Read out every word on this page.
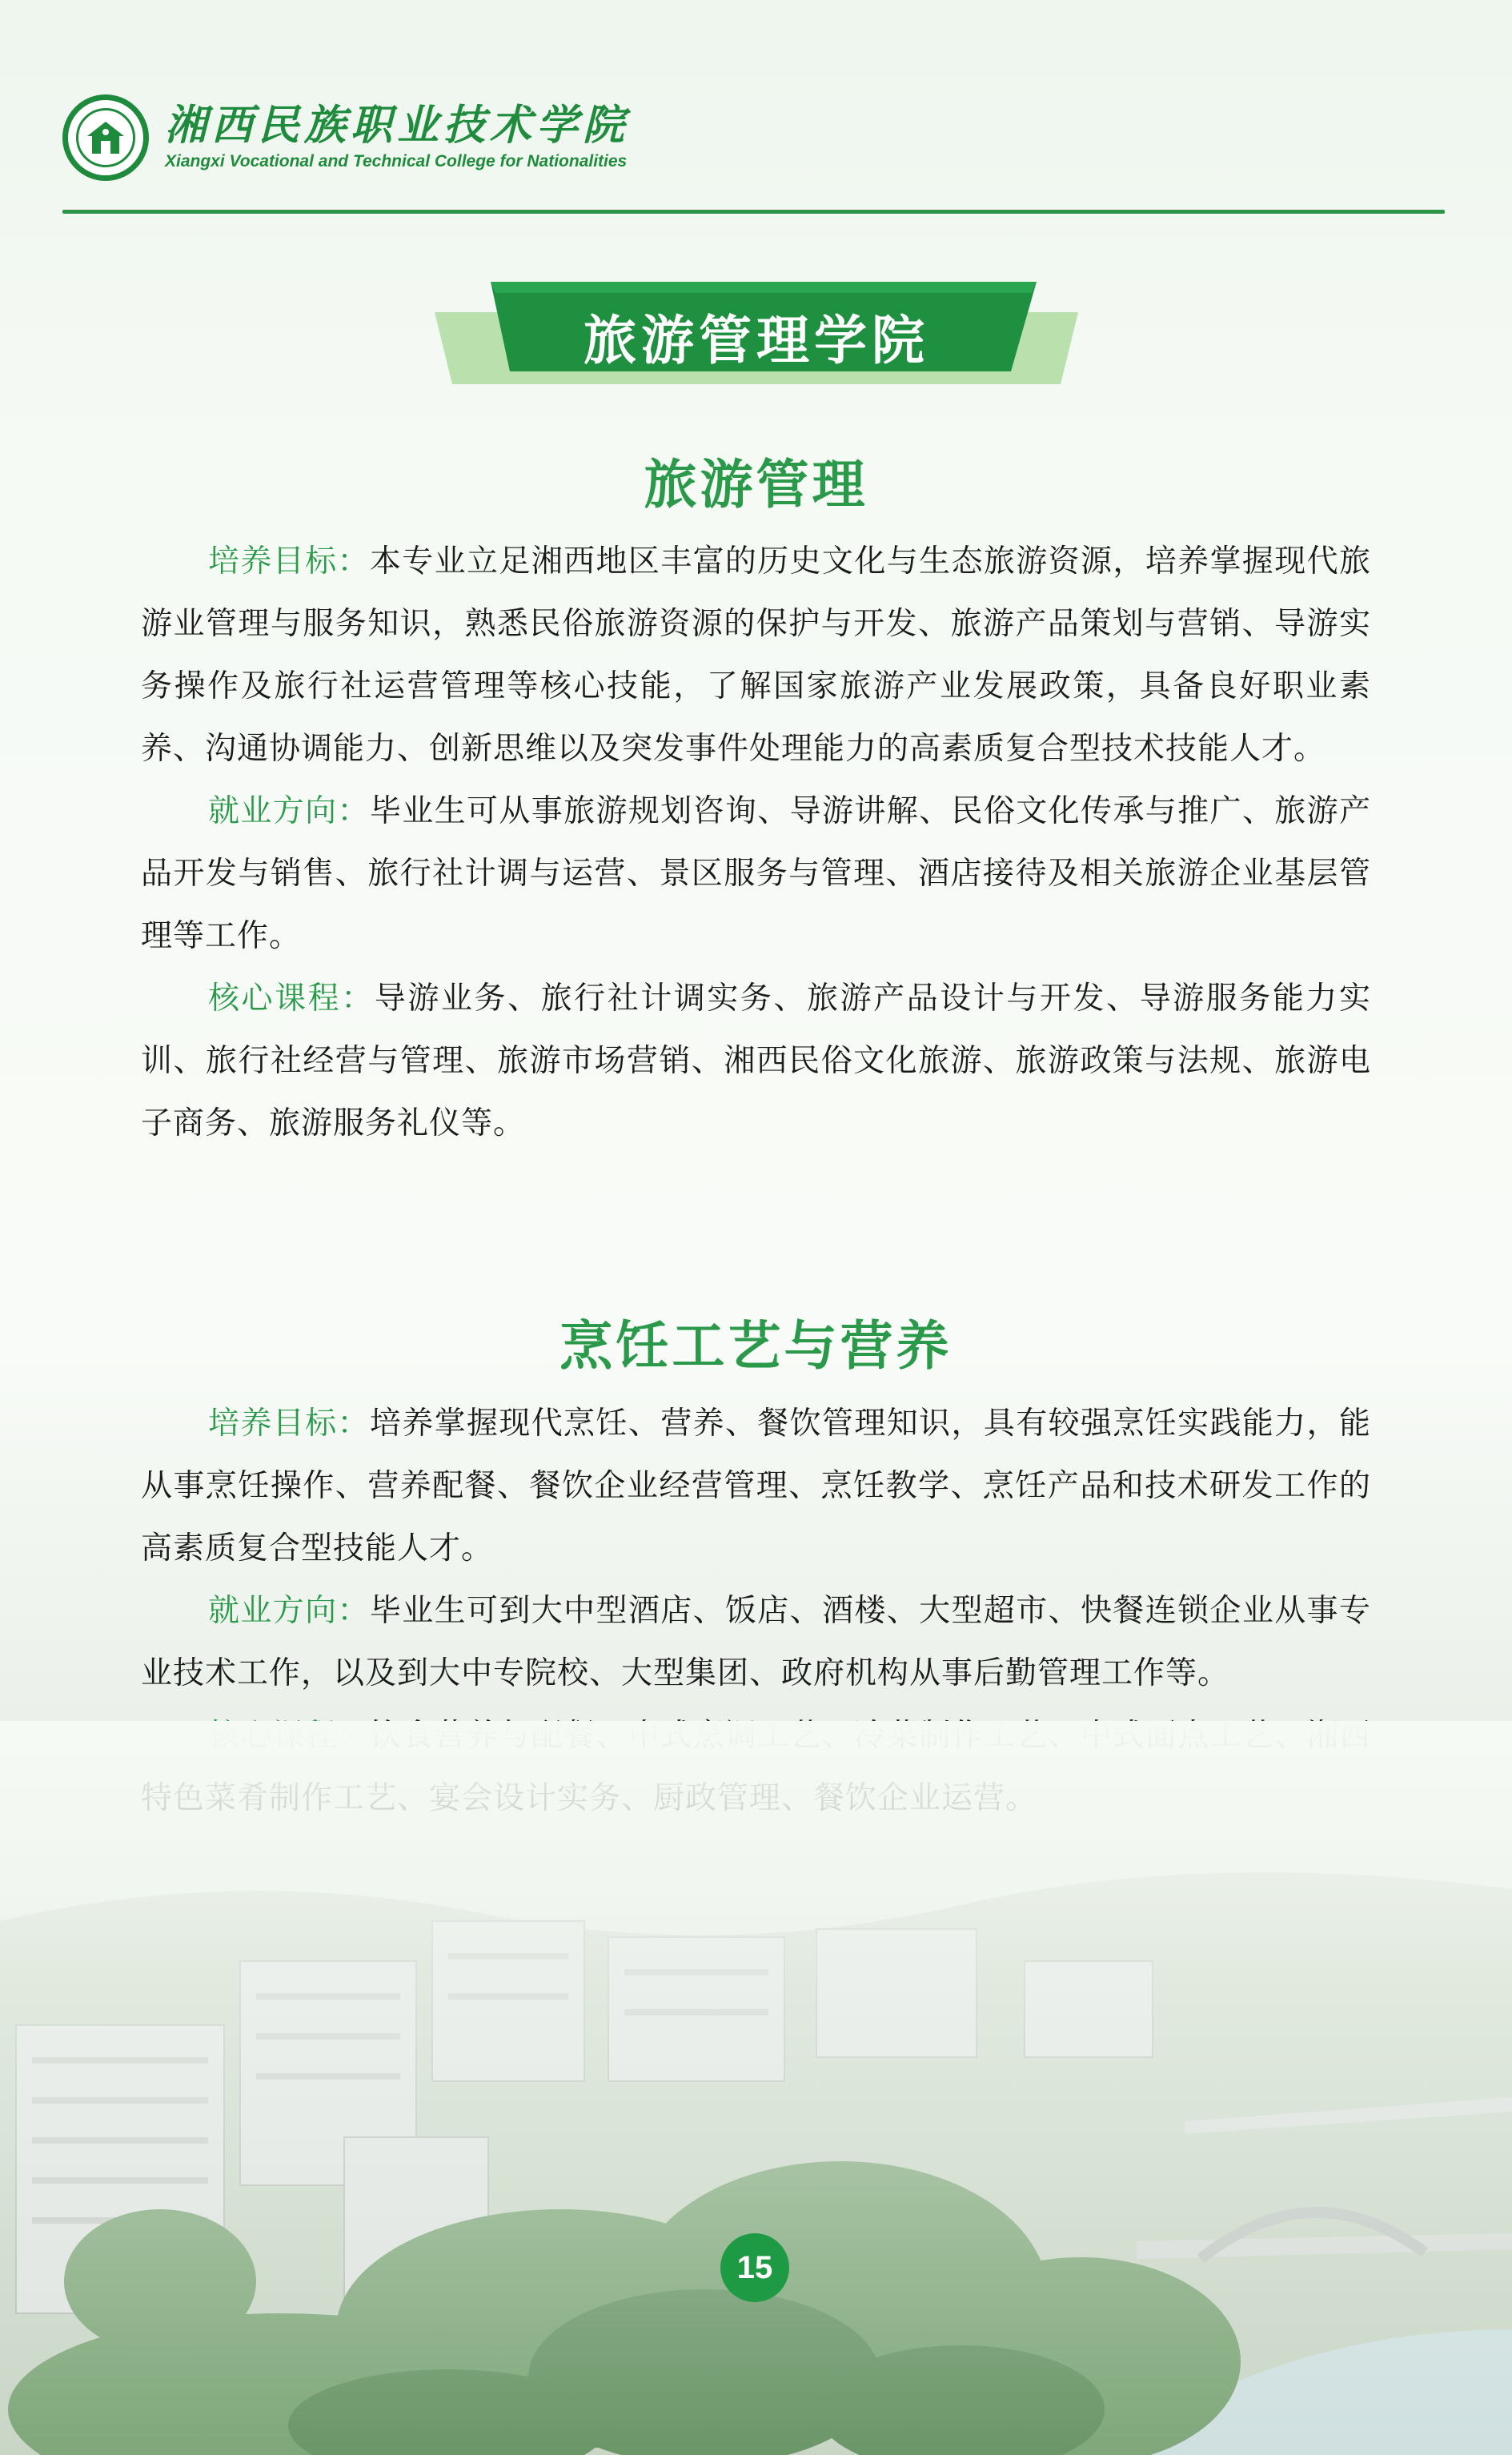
湘西民族职业技术学院
Xiangxi Vocational and Technical College for Nationalities
旅游管理学院
旅游管理

培养目标：本专业立足湘西地区丰富的历史文化与生态旅游资源，培养掌握现代旅游业管理与服务知识，熟悉民俗旅游资源的保护与开发、旅游产品策划与营销、导游实务操作及旅行社运营管理等核心技能，了解国家旅游产业发展政策，具备良好职业素养、沟通协调能力、创新思维以及突发事件处理能力的高素质复合型技术技能人才。

就业方向：毕业生可从事旅游规划咨询、导游讲解、民俗文化传承与推广、旅游产品开发与销售、旅行社计调与运营、景区服务与管理、酒店接待及相关旅游企业基层管理等工作。

核心课程：导游业务、旅行社计调实务、旅游产品设计与开发、导游服务能力实训、旅行社经营与管理、旅游市场营销、湘西民俗文化旅游、旅游政策与法规、旅游电子商务、旅游服务礼仪等。

烹饪工艺与营养

培养目标：培养掌握现代烹饪、营养、餐饮管理知识，具有较强烹饪实践能力，能从事烹饪操作、营养配餐、餐饮企业经营管理、烹饪教学、烹饪产品和技术研发工作的高素质复合型技能人才。

就业方向：毕业生可到大中型酒店、饭店、酒楼、大型超市、快餐连锁企业从事专业技术工作，以及到大中专院校、大型集团、政府机构从事后勤管理工作等。

15
